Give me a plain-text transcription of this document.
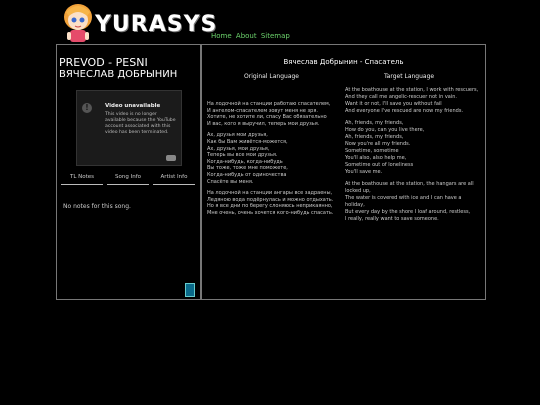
YURASYS
Home About Sitemap
PREVOD - PESNI
ВЯЧЕСЛАВ ДОБРЫНИН
!	Video unavailable
This video is no longer available because the YouTube account associated with this video has been terminated.
TL Notes	Song Info	Artist Info
No notes for this song.
Вячеслав Добрынин - Спасатель
Original Language	Target Language
На лодочной на станции работаю спасателем,
И ангелом-спасателем зовут меня не зря.
Хотите, не хотите ли, спасу Вас обязательно
И вас, кого я выручил, теперь мои друзья.
Ах, друзья мои друзья,
Как бы Вам живётся-можется,
Ах, друзья, мои друзья,
Теперь вы все мои друзья.
Когда-нибудь, когда-нибудь
Вы тоже, тоже мне поможете,
Когда-нибудь от одиночества
Спасёте вы меня.
На лодочной на станции ангары все задраены,
Ледяною вода подёрнулась и можно отдыхать.
Но я все дни по берегу слоняюсь неприкаянно,
Мне очень, очень хочется кого-нибудь спасать.
At the boathouse at the station, I work with rescuers,
And they call me angelic-rescuer not in vain.
Want it or not, I'll save you without fail
And everyone I've rescued are now my friends.
Ah, friends, my friends,
How do you, can you live there,
Ah, friends, my friends,
Now you're all my friends.
Sometime, sometime
You'll also, also help me,
Sometime out of loneliness
You'll save me.
At the boathouse at the station, the hangars are all locked up,
The water is covered with ice and I can have a holiday,
But every day by the shore I loaf around, restless,
I really, really want to save someone.
